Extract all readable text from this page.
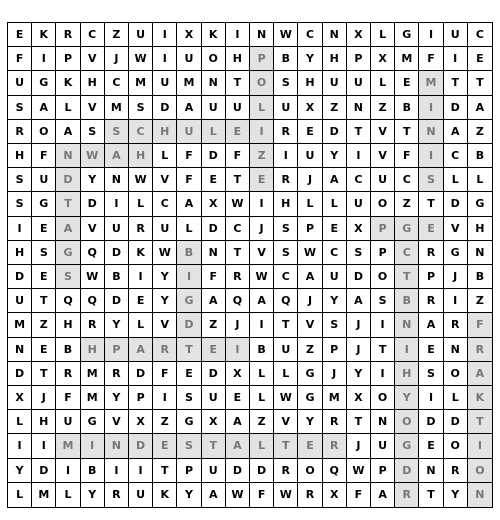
E	K	R	C	Z	U	I	X	K	I	N	W	C	N	X	L	G	I	U	C
F	I	P	V	J	W	I	U	O	H	P	B	Y	H	P	X	M	F	I	E
U	G	K	H	C	M	U	M	N	T	O	S	H	U	U	L	E	M	T	T
S	A	L	V	M	S	D	A	U	U	L	U	X	Z	N	Z	B	I	D	A
R	O	A	S	S	C	H	U	L	E	I	R	E	D	T	V	T	N	A	Z
H	F	N	W	A	H	L	F	D	F	Z	I	U	Y	I	V	F	I	C	B
S	U	D	Y	N	W	V	F	E	T	E	R	J	A	C	U	C	S	L	L
S	G	T	D	I	L	C	A	X	W	I	H	L	L	U	O	Z	T	D	G
I	E	A	V	U	R	U	L	D	C	J	S	P	E	X	P	G	E	V	H
H	S	G	Q	D	K	W	B	N	T	V	S	W	C	S	P	C	R	G	N
D	E	S	W	B	I	Y	I	F	R	W	C	A	U	D	O	T	P	J	B
U	T	Q	Q	D	E	Y	G	A	Q	A	Q	J	Y	A	S	B	R	I	Z
M	Z	H	R	Y	L	V	D	Z	J	I	T	V	S	J	I	N	A	R	F
N	E	B	H	P	A	R	T	E	I	B	U	Z	P	J	T	I	E	N	R
D	T	R	M	R	D	F	E	D	X	L	L	G	J	Y	I	H	S	O	A
X	J	F	M	Y	P	I	S	U	E	L	W	G	M	X	O	Y	I	L	K
L	H	U	G	V	X	Z	G	X	A	Z	V	Y	R	T	N	O	D	D	T
I	I	M	I	N	D	E	S	T	A	L	T	E	R	J	U	G	E	O	I
Y	D	I	B	I	I	T	P	U	D	D	R	O	Q	W	P	D	N	R	O
L	M	L	Y	R	U	K	Y	A	W	F	W	R	X	F	A	R	T	Y	N
